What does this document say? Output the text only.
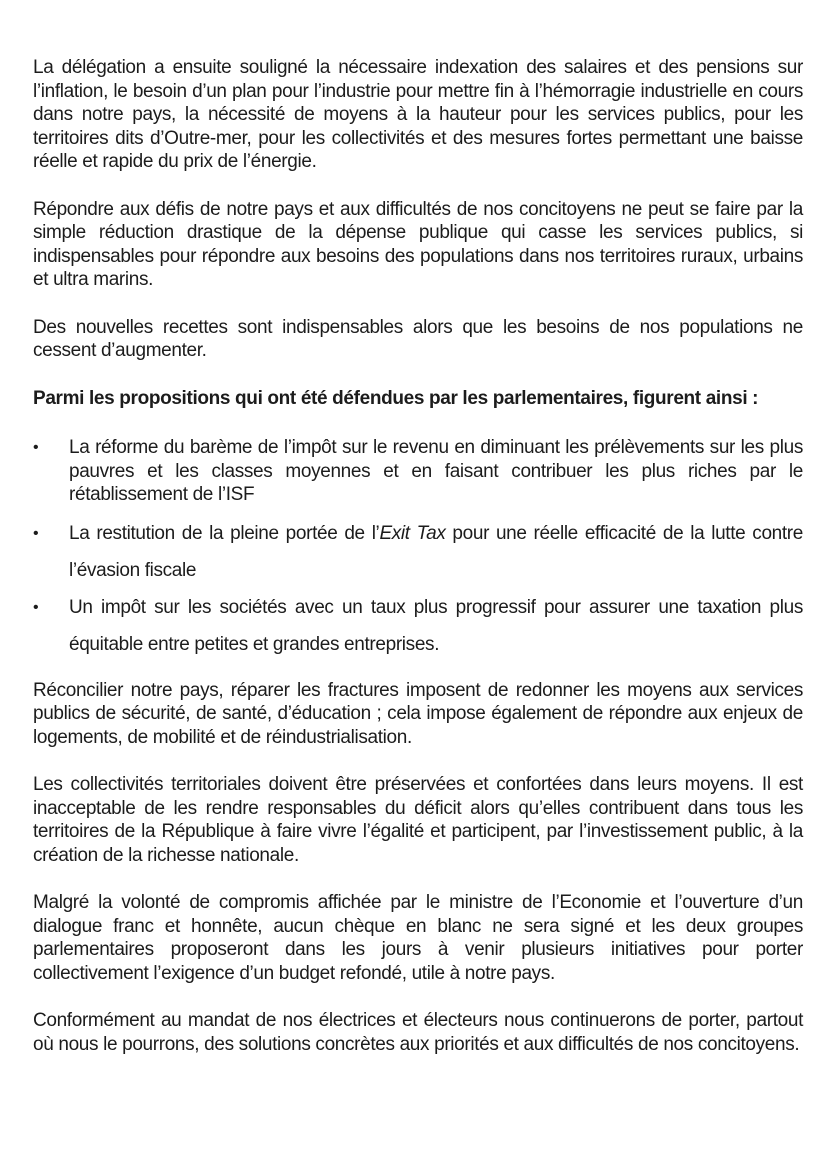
La délégation a ensuite souligné la nécessaire indexation des salaires et des pensions sur l’inflation, le besoin d’un plan pour l’industrie pour mettre fin à l’hémorragie industrielle en cours dans notre pays, la nécessité de moyens à la hauteur pour les services publics, pour les territoires dits d’Outre-mer, pour les collectivités et des mesures fortes permettant une baisse réelle et rapide du prix de l’énergie.

Répondre aux défis de notre pays et aux difficultés de nos concitoyens ne peut se faire par la simple réduction drastique de la dépense publique qui casse les services publics, si indispensables pour répondre aux besoins des populations dans nos territoires ruraux, urbains et ultra marins.

Des nouvelles recettes sont indispensables alors que les besoins de nos populations ne cessent d’augmenter.

Parmi les propositions qui ont été défendues par les parlementaires, figurent ainsi :

• La réforme du barème de l’impôt sur le revenu en diminuant les prélèvements sur les plus pauvres et les classes moyennes et en faisant contribuer les plus riches par le rétablissement de l’ISF
• La restitution de la pleine portée de l’Exit Tax pour une réelle efficacité de la lutte contre l’évasion fiscale
• Un impôt sur les sociétés avec un taux plus progressif pour assurer une taxation plus équitable entre petites et grandes entreprises.

Réconcilier notre pays, réparer les fractures imposent de redonner les moyens aux services publics de sécurité, de santé, d’éducation ; cela impose également de répondre aux enjeux de logements, de mobilité et de réindustrialisation.

Les collectivités territoriales doivent être préservées et confortées dans leurs moyens. Il est inacceptable de les rendre responsables du déficit alors qu’elles contribuent dans tous les territoires de la République à faire vivre l’égalité et participent, par l’investissement public, à la création de la richesse nationale.

Malgré la volonté de compromis affichée par le ministre de l’Economie et l’ouverture d’un dialogue franc et honnête, aucun chèque en blanc ne sera signé et les deux groupes parlementaires proposeront dans les jours à venir plusieurs initiatives pour porter collectivement l’exigence d’un budget refondé, utile à notre pays.

Conformément au mandat de nos électrices et électeurs nous continuerons de porter, partout où nous le pourrons, des solutions concrètes aux priorités et aux difficultés de nos concitoyens.
